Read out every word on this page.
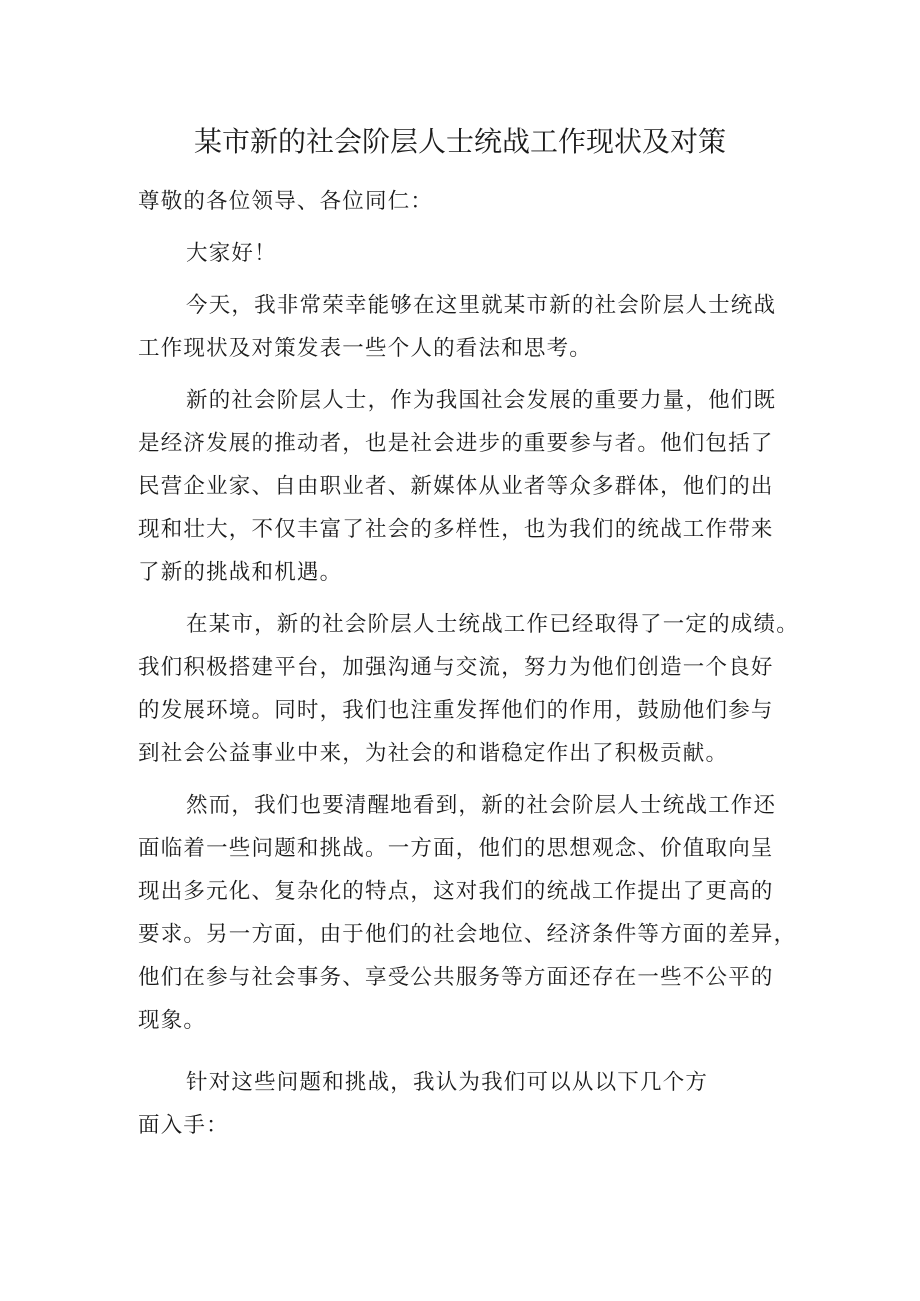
某市新的社会阶层人士统战工作现状及对策
尊敬的各位领导、各位同仁：
大家好！
今天，我非常荣幸能够在这里就某市新的社会阶层人士统战
工作现状及对策发表一些个人的看法和思考。
新的社会阶层人士，作为我国社会发展的重要力量，他们既
是经济发展的推动者，也是社会进步的重要参与者。他们包括了
民营企业家、自由职业者、新媒体从业者等众多群体，他们的出
现和壮大，不仅丰富了社会的多样性，也为我们的统战工作带来
了新的挑战和机遇。
在某市，新的社会阶层人士统战工作已经取得了一定的成绩。
我们积极搭建平台，加强沟通与交流，努力为他们创造一个良好
的发展环境。同时，我们也注重发挥他们的作用，鼓励他们参与
到社会公益事业中来，为社会的和谐稳定作出了积极贡献。
然而，我们也要清醒地看到，新的社会阶层人士统战工作还
面临着一些问题和挑战。一方面，他们的思想观念、价值取向呈
现出多元化、复杂化的特点，这对我们的统战工作提出了更高的
要求。另一方面，由于他们的社会地位、经济条件等方面的差异，
他们在参与社会事务、享受公共服务等方面还存在一些不公平的
现象。
针对这些问题和挑战，我认为我们可以从以下几个方
面入手：
